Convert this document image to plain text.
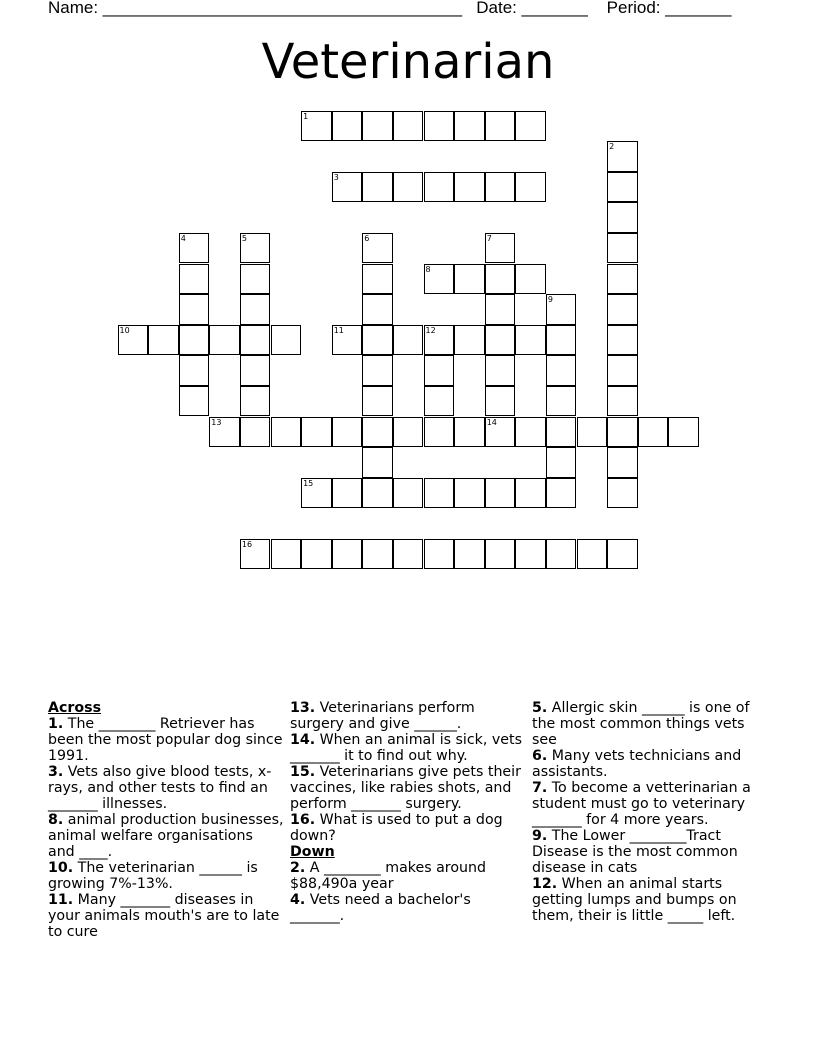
Name: ______________________________________   Date: _______    Period: _______
Veterinarian
1
3
8
10	11
13	14
15
16
2
4	5	6	7
9
12
Across
1. The ________ Retriever has been the most popular dog since 1991.
3. Vets also give blood tests, x-rays, and other tests to find an _______ illnesses.
8. animal production businesses, animal welfare organisations and ____.
10. The veterinarian ______ is growing 7%-13%.
11. Many _______ diseases in your animals mouth's are to late to cure
13. Veterinarians perform surgery and give ______.
14. When an animal is sick, vets _______ it to find out why.
15. Veterinarians give pets their vaccines, like rabies shots, and perform _______ surgery.
16. What is used to put a dog down?
Down
2. A ________ makes around $88,490a year
4. Vets need a bachelor's _______.
5. Allergic skin ______ is one of the most common things vets see
6. Many vets technicians and assistants.
7. To become a vetterinarian a student must go to veterinary _______ for 4 more years.
9. The Lower ________Tract Disease is the most common disease in cats
12. When an animal starts getting lumps and bumps on them, their is little _____ left.
